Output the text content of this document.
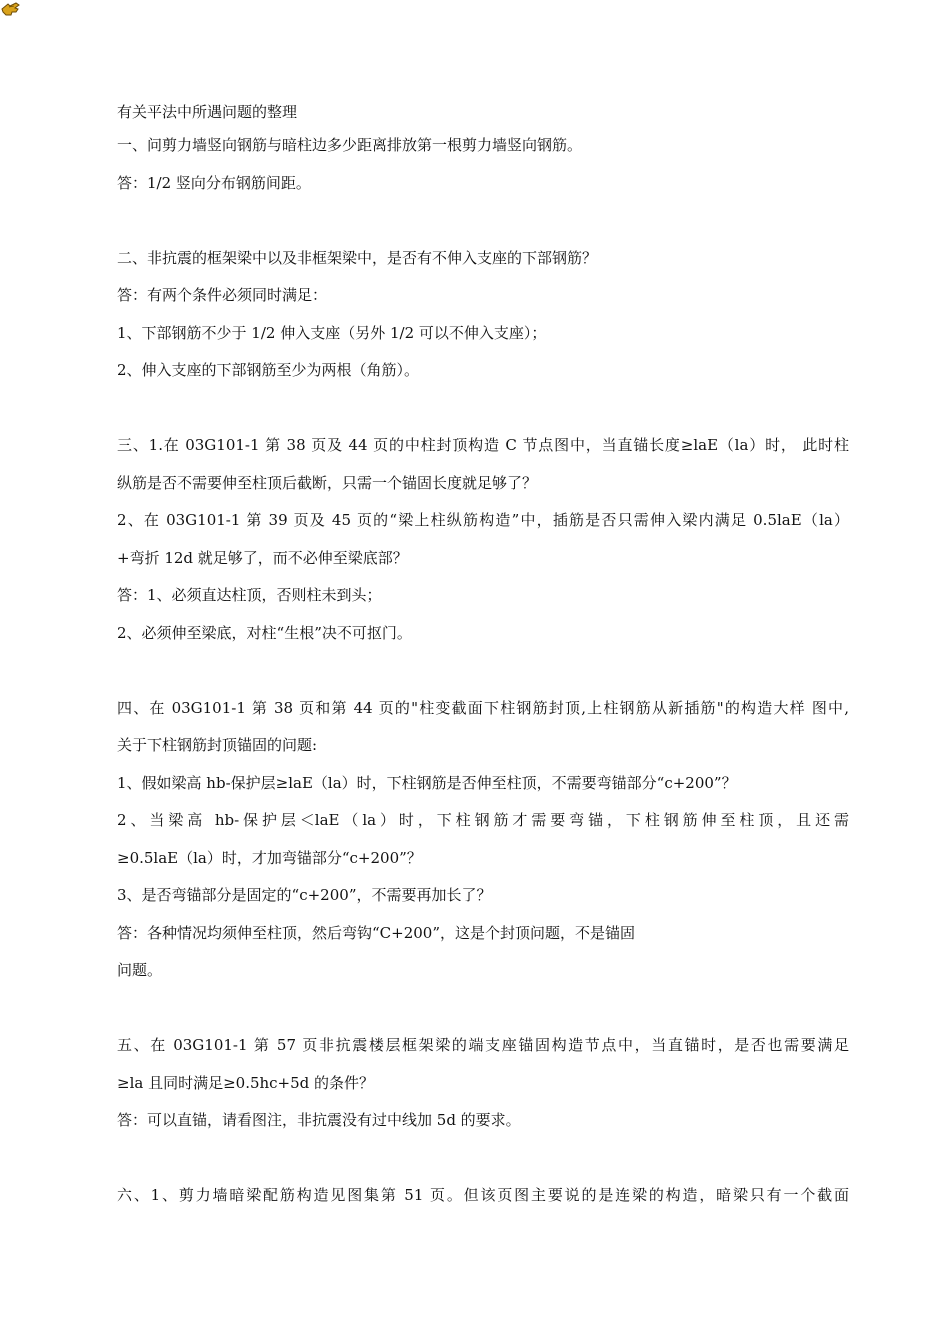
有关平法中所遇问题的整理
一、问剪力墙竖向钢筋与暗柱边多少距离排放第一根剪力墙竖向钢筋。
答：1/2 竖向分布钢筋间距。
二、非抗震的框架梁中以及非框架梁中，是否有不伸入支座的下部钢筋？
答：有两个条件必须同时满足：
1、下部钢筋不少于 1/2 伸入支座（另外 1/2 可以不伸入支座）；
2、伸入支座的下部钢筋至少为两根（角筋）。
三、1.在 03G101-1 第 38 页及 44 页的中柱封顶构造 C 节点图中，当直锚长度≥laE（la）时， 此时柱
纵筋是否不需要伸至柱顶后截断，只需一个锚固长度就足够了？
2、在 03G101-1 第 39 页及 45 页的“梁上柱纵筋构造”中，插筋是否只需伸入梁内满足 0.5laE（la）
+弯折 12d 就足够了，而不必伸至梁底部？
答：1、必须直达柱顶，否则柱未到头；
2、必须伸至梁底，对柱“生根”决不可抠门。
四、在 03G101-1 第 38 页和第 44 页的"柱变截面下柱钢筋封顶,上柱钢筋从新插筋"的构造大样 图中,
关于下柱钢筋封顶锚固的问题:
1、假如梁高 hb-保护层≥laE（la）时，下柱钢筋是否伸至柱顶，不需要弯锚部分“c+200”？
2、当梁高 hb-保护层＜laE（la）时，下柱钢筋才需要弯锚，下柱钢筋伸至柱顶，且还需
≥0.5laE（la）时，才加弯锚部分“c+200”？
3、是否弯锚部分是固定的“c+200”，不需要再加长了？
答：各种情况均须伸至柱顶，然后弯钩“C+200”，这是个封顶问题，不是锚固
问题。
五、在 03G101-1 第 57 页非抗震楼层框架梁的端支座锚固构造节点中，当直锚时，是否也需要满足
≥la 且同时满足≥0.5hc+5d 的条件？
答：可以直锚，请看图注，非抗震没有过中线加 5d 的要求。
六、1、剪力墙暗梁配筋构造见图集第 51 页。但该页图主要说的是连梁的构造，暗梁只有一个截面
